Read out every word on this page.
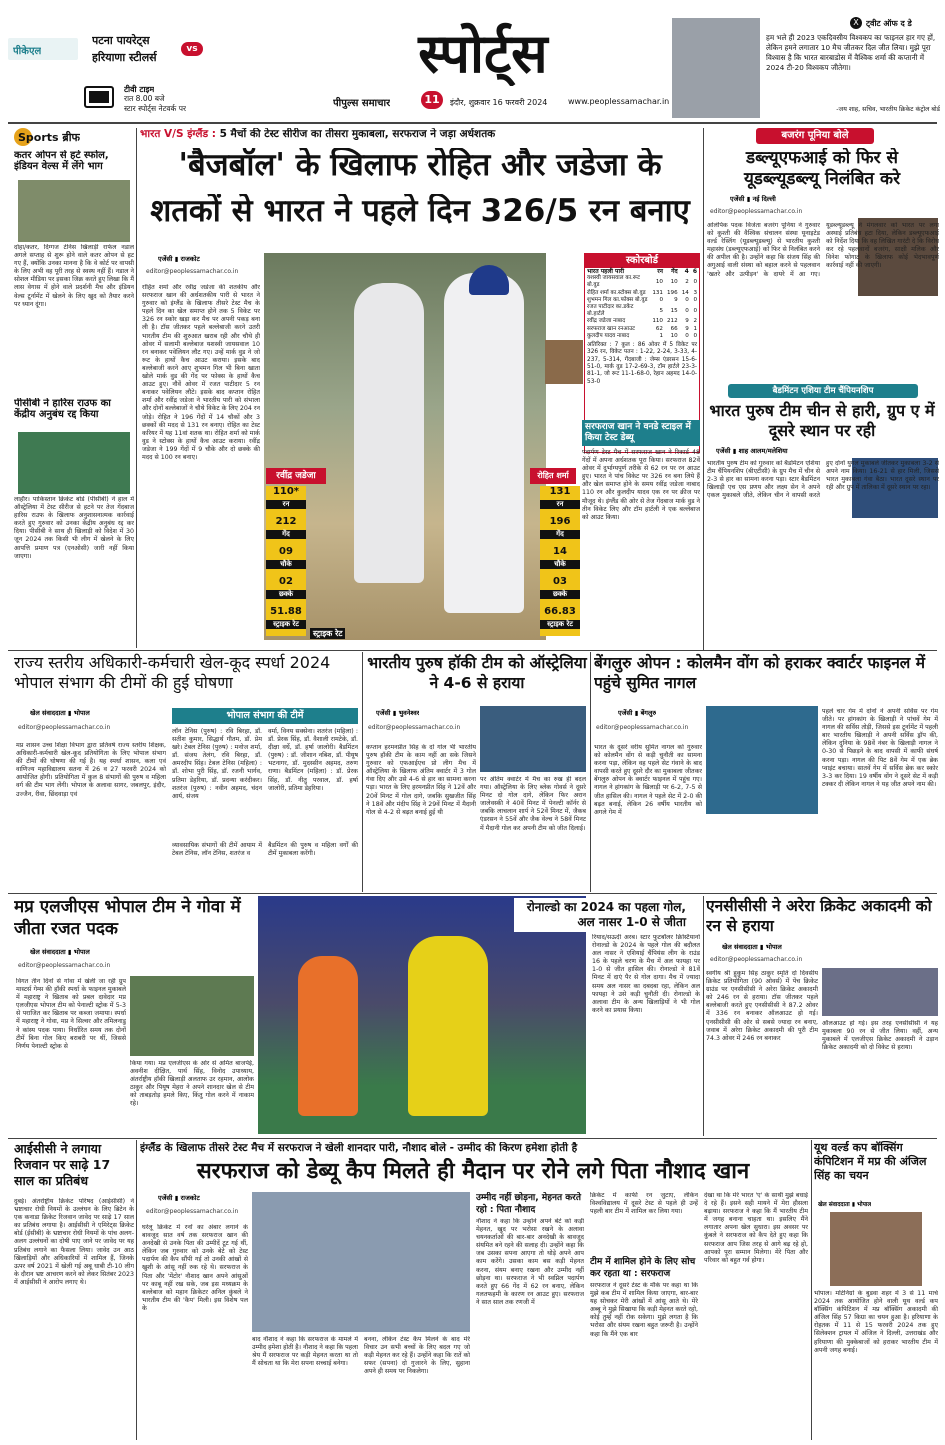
पीकेएल
पटना पायरेट्स
हरियाणा स्टीलर्स
vs
टीवी टाइम
रात 8.00 बजे
स्टार स्पोर्ट्स नेटवर्क पर
स्पोर्ट्स
पीपुल्स समाचार	11	इंदौर, शुक्रवार 16 फरवरी 2024	www.peoplessamachar.in
X ट्वीट ऑफ द डे
हम भले ही 2023 एकदिवसीय विश्वकप का फाइनल हार गए हों, लेकिन हमने लगातार 10 मैच जीतकर दिल जीत लिया। मुझे पूरा विश्वास है कि भारत बारबाडोस में वैश्विक शर्मा की कप्तानी में 2024 टी-20 विश्वकप जीतेगा।
-जय शाह, सचिव, भारतीय क्रिकेट कंट्रोल बोर्ड
Sports ब्रीफ
कतर ओपन से हटे स्फोल, इंडियन वेल्स में लेंगे भाग
दोहा/कतर, दिग्गज टेनिस खिलाड़ी राफेल नडाल अगले सप्ताह से शुरू होने वाले कतर ओपन से हट गए हैं, क्योंकि उनका मानना है कि वे कोर्ट पर वापसी के लिए अभी वह पूरी तरह से स्वस्थ नहीं हैं। नडाल ने सोशल मीडिया पर इसका जिक्र करते हुए लिखा कि मैं लास वेगास में होने वाले प्रदर्शनी मैच और इंडियन वेल्स टूर्नामेंट में खेलने के लिए खुद को तैयार करने पर ध्यान दूंगा।
पीसीबी ने हारिस राउफ का केंद्रीय अनुबंध रद्द किया
लाहौर। पाकिस्तान क्रिकेट बोर्ड (पीसीबी) ने हाल में ऑस्ट्रेलिया में टेस्ट सीरीज से हटने पर तेज गेंदबाज हारिस राउफ के खिलाफ अनुशासनात्मक कार्रवाई करते हुए गुरुवार को उनका केंद्रीय अनुबंध रद्द कर दिया। पीसीबी ने साथ ही खिलाड़ी को विदेश में 30 जून 2024 तक किसी भी लीग में खेलने के लिए आपत्ति प्रमाण पत्र (एनओसी) जारी नहीं किया जाएगा।
भारत V/S इंग्लैंड : 5 मैचों की टेस्ट सीरीज का तीसरा मुकाबला, सरफराज ने जड़ा अर्धशतक
'बैजबॉल' के खिलाफ रोहित और जडेजा के
शतकों से भारत ने पहले दिन 326/5 रन बनाए
एजेंसी ▮ राजकोट
editor@peoplessamachar.co.in
रोहित शर्मा और रवींद्र जडेजा की शतकीय और सरफराज खान की अर्धशतकीय पारी से भारत ने गुरुवार को इंग्लैंड के खिलाफ तीसरे टेस्ट मैच के पहले दिन का खेल समाप्त होने तक 5 विकेट पर 326 रन स्कोर खड़ा कर मैच पर अपनी पकड़ बना ली है। टॉस जीतकर पहले बल्लेबाजी करने उतरी भारतीय टीम की शुरुआत खराब रही और चौथे ही ओवर में सलामी बल्लेबाज यशस्वी जायसवाल 10 रन बनाकर पवेलियन लौट गए। उन्हें मार्क वुड ने जो रूट के हाथों कैच आउट कराया। इसके बाद बल्लेबाजी करने आए शुभमन गिल भी बिना खाता खोले मार्क वुड की गेंद पर फोक्स के हाथों कैच आउट हुए। नौवें ओवर में रजत पाटीदार 5 रन बनाकर पवेलियन लौटे। इसके बाद कप्तान रोहित शर्मा और रवींद्र जडेजा ने भारतीय पारी को संभाला और दोनों बल्लेबाजों ने चौथे विकेट के लिए 204 रन जोड़े। रोहित ने 196 गेंदों में 14 चौकों और 3 छक्कों की मदद से 131 रन बनाए। रोहित का टेस्ट करियर में यह 11वां शतक था। रोहित शर्मा को मार्क वुड ने स्टोक्स के हाथों कैच आउट कराया। रवींद्र जडेजा ने 199 गेंदों में 9 चौके और दो छक्के की मदद से 100 रन बनाए।
रवींद्र जडेजा	रोहित शर्मा
110*
रन
212
गेंद
09
चौके
02
छक्के
51.88
स्ट्राइक रेट
131
रन
196
गेंद
14
चौके
03
छक्के
66.83
स्ट्राइक रेट
स्ट्राइक रेट
स्कोरबोर्ड
भारत पहली पारी	रन	गेंद	4	6
यशस्वी जायसवाल का.रूट बो.वुड	10	10	2	0
रोहित शर्मा का.स्टोक्स बो.वुड	131	196	14	3
शुभमन गिल का.फोक्स बो.वुड	0	9	0	0
रजत पाटीदार का.डकेट बो.हार्टले	5	15	0	0
रवींद्र जडेजा नाबाद	110	212	9	2
सरफराज खान रनआउट	62	66	9	1
कुलदीप यादव नाबाद	1	10	0	0
अतिरिक्त : 7 कुल : 86 ओवर में 5 विकेट पर 326 रन, विकेट पतन : 1-22, 2-24, 3-33, 4-237, 5-314, गेंदबाजी : जेम्स एंडरसन 15-6-51-0, मार्क वुड 17-2-69-3, टॉम हार्टले 23-3-81-1, जो रूट 11-1-68-0, रेहान अहमद 14-0-53-0
सरफराज खान ने वनडे स्टाइल में किया टेस्ट डेब्यू
पदार्पण टेस्ट मैच में सरफराज खान ने रिकार्ड 48 गेंदों में अपना अर्धशतक पूरा किया। सरफराज 82वें ओवर में दुर्भाग्यपूर्ण तरीके से 62 रन पर रन आउट हुए। भारत ने पांच विकेट पर 326 रन बना लिये हैं और खेल समाप्त होने के समय रवींद्र जडेजा नाबाद 110 रन और कुलदीप यादव एक रन पर क्रीज पर मौजूद थे। इंग्लैंड की ओर से तेज गेंदबाज मार्क वुड ने तीन विकेट लिए और टॉम हार्टली ने एक बल्लेबाज को आउट किया।
बजरंग पूनिया बोले
डब्ल्यूएफआई को फिर से यूडब्ल्यूडब्ल्यू निलंबित करे
एजेंसी ▮ नई दिल्ली
editor@peoplessamachar.co.in
ओलंपिक पदक विजेता बजरंग पूनिया ने गुरुवार को कुश्ती की वैश्विक संचालन संस्था यूनाइटेड वर्ल्ड रेस्लिंग (यूडब्ल्यूडब्ल्यू) से भारतीय कुश्ती महासंघ (डब्ल्यूएफआई) को फिर से निलंबित करने की अपील की है। उन्होंने कहा कि संजय सिंह की अगुआई वाली संस्था को बहाल करने से पहलवान 'खतरे और उत्पीड़न' के दायरे में आ गए। यूडब्ल्यूडब्ल्यू ने मंगलवार को भारत पर लगा अस्थाई प्रतिबंध हटा दिया, लेकिन डब्ल्यूएफआई को निर्देश दिया कि वह लिखित गारंटी दे कि विरोध कर रहे पहलवानों बजरंग, साक्षी मलिक और विनेश फोगाट के खिलाफ कोई भेदभावपूर्ण कार्रवाई नहीं की जाएगी।
बैडमिंटन एशिया टीम चैंपियनशिप
भारत पुरुष टीम चीन से हारी, ग्रुप ए में दूसरे स्थान पर रही
एजेंसी ▮ शाह आलम/मलेशिया
भारतीय पुरुष टीम को गुरुवार को बैडमिंटन एशिया टीम चैंपियनशिप (बीएटीसी) के ग्रुप मैच में चीन से 2-3 से हार का सामना करना पड़ा। स्टार बैडमिंटन खिलाड़ी एच एस प्रणय और लक्ष्य सेन ने अपने एकल मुकाबले जीते, लेकिन चीन ने वापसी करते हुए दोनों युगल मुकाबले जीतकर मुकाबला 3-2 से अपने नाम किया। 16-21 से हार मिली, जिससे भारत मुकाबला गंवा बैठा। भारत दूसरे स्थान पर रही और ग्रुप में तालिका में दूसरे स्थान पर रहा।
राज्य स्तरीय अधिकारी-कर्मचारी खेल-कूद स्पर्धा 2024 भोपाल संभाग की टीमों की हुई घोषणा
खेल संवाददाता ▮ भोपाल
editor@peoplessamachar.co.in
मप्र शासन उच्च शिक्षा विभाग द्वारा प्रतिवर्ष राज्य स्तरीय शिक्षक, अधिकारी-कर्मचारी खेल-कूद प्रतियोगिता के लिए भोपाल संभाग की टीमों की घोषणा की गई है। यह स्पर्धा शासन, कला एवं वाणिज्य महाविद्यालय सतना में 26 व 27 फरवरी 2024 को आयोजित होगी। प्रतियोगिता में कुल 8 संभागों की पुरुष व महिला वर्ग की टीम भाग लेंगी। भोपाल के अलावा सागर, जबलपुर, इंदौर, उज्जैन, रीवा, छिंदवाड़ा एवं
भोपाल संभाग की टीमें
लॉन टेनिस (पुरुष) : रवि बिरहा, डॉ. सतीश कुमार, सिद्धार्थ गौतम, डॉ. प्रेम खरे। टेबल टेनिस (पुरुष) : मनोज शर्मा, डॉ. संजय तेलंग, रवि बिरहा, डॉ. अमरदीप सिंह। टेबल टेनिस (महिला) : डॉ. शोभा पुरी सिंह, डॉ. रजनी भार्गव, प्रतिमा डेहरिया, डॉ. प्रदन्या करंदीकर। शतरंज (पुरुष) : नवीन अहमद, चंदन आर्य, संजय
वर्मा, विनय सक्सेना। शतरंज (महिला) : डॉ. प्रेरक सिंह, डॉ. वैशाली रामटेके, डॉ. दीक्षा वर्धे, डॉ. हर्षा जालोरी। बैडमिंटन (पुरुष) : डॉ. जीशान नबिश, डॉ. पीयूष भटनागर, डॉ. मुदस्सीन अहमद, तरुण राणा। बैडमिंटन (महिला) : डॉ. प्रेरक सिंह, डॉ. नीतु परवाल, डॉ. हर्षा जालोरी, प्रतिमा डेहरिया।
व्यावसायिक संभागों की टीमें आयाम में टेबल टेनिस, लॉन टेनिस, शतरंज व
बैडमिंटन की पुरुष व महिला वर्गों की टीमें मुकाबला करेंगी।
भारतीय पुरुष हॉकी टीम को ऑस्ट्रेलिया ने 4-6 से हराया
एजेंसी ▮ भुवनेश्वर
editor@peoplessamachar.co.in
कप्तान हरमनप्रीत सिंह के दो गोल भी भारतीय पुरुष हॉकी टीम के काम नहीं आ सके जिसने गुरुवार को एफआईएच प्रो लीग मैच में ऑस्ट्रेलिया के खिलाफ अंतिम क्वार्टर में 3 गोल गंवा दिए और उसे 4-6 से हार का सामना करना पड़ा। भारत के लिए हरमनप्रीत सिंह ने 12वें और 20वें मिनट में गोल दागे, जबकि सुखजीत सिंह ने 18वें और मंदीप सिंह ने 29वें मिनट में मैदानी गोल से 4-2 से बढ़त बनाई हुई थी
पर अंतिम क्वार्टर में मैच का रुख ही बदल गया। ऑस्ट्रेलिया के लिए ब्लेक गोवर्स ने दूसरे मिनट दो गोल दागे, लेकिन फिर अरान जालेवस्की ने 40वें मिनट में पेनल्टी कॉर्नर से जबकि लाचलान शार्प ने 52वें मिनट में, जैकब एंडरसन ने 55वें और जैक वेल्च ने 58वें मिनट में मैदानी गोल कर अपनी टीम को जीत दिलाई।
बेंगलुरु ओपन : कोलमैन वोंग को हराकर क्वार्टर फाइनल में पहुंचे सुमित नागल
एजेंसी ▮ बेंगलुरु
editor@peoplessamachar.co.in
भारत के दूसरे वरीय सुमित नागल को गुरुवार को कोलमैन वोंग से कड़ी चुनौती का सामना करना पड़ा, लेकिन वह पहले सेट गंवाने के बाद वापसी करते हुए दूसरे दौर का मुकाबला जीतकर बेंगलुरु ओपन के क्वार्टर फाइनल में पहुंच गए। नागल ने हांगकांग के खिलाड़ी पर 6-2, 7-5 से जीत हासिल की। नागल ने पहले सेट में 2-0 की बढ़त बनाई, लेकिन 26 वर्षीय भारतीय को अगले गेम में
पहले चार गेम में दोनों ने अपनी सर्विस पर गेम जीते। पर हांगकांग के खिलाड़ी ने पांचवें गेम में नागल की सर्विस तोड़ी, जिससे इस टूर्नामेंट में पहली बार भारतीय खिलाड़ी ने अपनी सर्विस ड्रॉप की, लेकिन दुनिया के 98वें नंबर के खिलाड़ी नागल ने 0-30 से पिछड़ने के बाद वापसी में काफी संघर्ष करना पड़ा। नागल की पिट 8वें गेम में एक ब्रेक प्वाइंट बचाया। सातवें गेम में सर्विस ब्रेक कर स्कोर 3-3 कर दिया। 19 वर्षीय वोंग ने दूसरे सेट में कड़ी टक्कर दी लेकिन नागल ने यह जीत अपने नाम की।
मप्र एलजीएस भोपाल टीम ने गोवा में जीता रजत पदक
खेल संवाददाता ▮ भोपाल
editor@peoplessamachar.co.in
विगत तीन दिनों से गोवा में खेली जा रही ग्रुप मास्टर्स गेम्स की हॉकी स्पर्धा के फाइनल मुकाबले में महाराष्ट्र ने खिताब को प्रबल दावेदार मप्र एलजीएस भोपाल टीम को पेनाल्टी स्ट्रोक में 5-3 से पराजित कर खिताब पर कब्जा जमाया। स्पर्धा में महाराष्ट्र ने गोवा, मप्र ने सिल्वर और तमिलनाडु ने कांस्य पदक पाया। निर्धारित समय तक दोनों टीमें बिना गोल किए बराबरी पर थीं, जिससे निर्णय पेनाल्टी स्ट्रोक से
किया गया। मप्र एलजीएस के ओर से अमित बाजपेई, अवनीश दीक्षित, पार्थ सिंह, विनोद उपाध्याय, अंतर्राष्ट्रीय हॉकी खिलाड़ी अलताफ उर रहमान, आलोक ठाकुर और पियूष मेहरा ने अपने शानदार खेल से टीम को ताबड़तोड़ हमले किए, किंतु गोल करने में नाकाम रहे।
रोनाल्डो का 2024 का पहला गोल, अल नासर 1-0 से जीता
रियाद/सऊदी अरब। स्टार फुटबॉलर क्रिस्टियानो रोनाल्डो के 2024 के पहले गोल की बदौलत अल नासर ने एशियाई चैंपियंस लीग के राउंड 16 के पहले चरण के मैच में अल फायहा पर 1-0 से जीत हासिल की। रोनाल्डो ने 81वें मिनट में दाएं पैर से गोल दागा। मैच में ज्यादा समय अल नासर का दबदबा रहा, लेकिन अल फायहा ने उसे कड़ी चुनौती दी। रोनाल्डो के अलावा टीम के अन्य खिलाड़ियों ने भी गोल करने का प्रयास किया।
एनसीसीसी ने अरेरा क्रिकेट अकादमी को रन से हराया
खेल संवाददाता ▮ भोपाल
editor@peoplessamachar.co.in
स्वर्गीय श्री हुकुम सिंह ठाकुर स्मृति दो दिवसीय क्रिकेट प्रतियोगिता (90 ओवर्स) में पेंच क्रिकेट ग्राउंड पर एनसीसीसी ने अरेरा क्रिकेट अकादमी को 246 रन से हराया। टॉस जीतकर पहले बल्लेबाजी करते हुए एनसीसीसी ने 87.2 ओवर में 336 रन बनाकर ऑलआउट हो गई। एनसीसीसी की ओर से सबसे ज्यादा रन बनाए, जवाब में अरेरा क्रिकेट अकादमी की पूरी टीम 74.3 ओवर में 246 रन बनाकर
ऑलआउट हो गई। इस तरह एनसीसीसी ने यह मुकाबला 90 रन से जीत लिया। वहीं, अन्य मुकाबले में एलजीएस क्रिकेट अकादमी ने उड़ान क्रिकेट अकादमी को दो विकेट से हराया।
आईसीसी ने लगाया रिजवान पर साढ़े 17 साल का प्रतिबंध
दुबई। अंतर्राष्ट्रीय क्रिकेट परिषद (आईसीसी) ने भ्रष्टाचार रोधी नियमों के उल्लंघन के लिए ब्रिटेन के एक कनाडा क्रिकेट रिजवान जावेद पर साढ़े 17 साल का प्रतिबंध लगाया है। आईसीसी ने एमिरेट्स क्रिकेट बोर्ड (ईसीबी) के भ्रष्टाचार रोधी नियमों के पांच अलग-अलग उल्लंघनों का दोषी पाए जाने पर जावेद पर यह प्रतिबंध लगाने का फैसला लिया। जावेद उन आठ खिलाड़ियों और अधिकारियों में शामिल हैं, जिनके ऊपर वर्ष 2021 में खेली गई अबू धाबी टी-10 लीग के दौरान भ्रष्ट आचरण करने को लेकर सितंबर 2023 में आईसीसी ने आरोप लगाए थे।
इंग्लैंड के खिलाफ तीसरे टेस्ट मैच में सरफराज ने खेली शानदार पारी, नौशाद बोले - उम्मीद की किरण हमेशा होती है
सरफराज को डेब्यू कैप मिलते ही मैदान पर रोने लगे पिता नौशाद खान
एजेंसी ▮ राजकोट
editor@peoplessamachar.co.in
घरेलू क्रिकेट में रनों का अंबार लगाने के बावजूद सात वर्ष तक सरफराज खान की अनदेखी से उनके पिता की उम्मीदें टूट गई थीं, लेकिन जब गुरुवार को उनके बेटे को टेस्ट पदार्पण की कैप सौंपी गई तो उनकी आंखों से खुशी के आंसू नहीं रुक रहे थे। सरफराज के पिता और 'मेंटोर' नौशाद खान अपने आंसुओं पर काबू नहीं रख सके, जब इस मध्यक्रम के बल्लेबाज को महान क्रिकेटर अनिल कुंबले ने भारतीय टीम की 'कैप' मिली। इस विशेष पल के
बाद नौशाद ने कहा कि सरफराज के मामले में उम्मीद हमेशा होती है। नौशाद ने कहा कि पहला श्रेय मैं सरफराज पर कड़ी मेहनत करता था तो मैं सोचता था कि मेरा सपना सच्चाई बनेगा।
बनना, लेकिन टेस्ट कैप मिलने के बाद मेरे विचार उन सभी बच्चों के लिए बदल गए जो कड़ी मेहनत कर रहे हैं। उन्होंने कहा कि रातें को सफर (सपना) दो गुजारने के लिए, सुहाना अपने ही समय पर निकलेगा।
उम्मीद नहीं छोड़ना, मेहनत करते रहो : पिता नौशाद
नौशाद ने कहा कि उन्होंने अपने बेटे को कड़ी मेहनत, खुद पर भरोसा रखने के अलावा चयनकर्ताओं की बार-बार अनदेखी के बावजूद संयमित बने रहने की सलाह दी। उन्होंने कहा कि जब उसका सपना आएगा तो थोड़े अपने आप काम करेंगे। उसका काम बस कड़ी मेहनत करना, संयम बनाए रखना और उम्मीद नहीं छोड़ना था। सरफराज ने भी स्वप्निल पदार्पण करते हुए 66 गेंद में 62 रन बनाए, लेकिन गलतफहमी के कारण रन आउट हुए। सरफराज ने सात साल तक रणजी में
क्रिकेट में काफी रन जुटाए, लेकिन विश्वविद्यालय में दूसरे टेस्ट से पहले ही उन्हें पहली बार टीम में शामिल कर लिया गया।
टीम में शामिल होने के लिए सोच कर रहता था : सरफराज
सरफराज ने दूसरे टेस्ट के मौके पर कहा था कि मुझे कब टीम में शामिल किया जाएगा, बार-बार यह सोचकर मेरी आंखों में आंसू आते थे। मेरे अब्बू ने मुझे सिखाया कि कड़ी मेहनत करते रहो, कोई तुम्हें नहीं रोक सकेगा। मुझे लगता है कि भरोसा और संयम रखना बहुत जरूरी है। उन्होंने कहा कि मैंने एक बार
देखा था कि मेरे भारत 'ए' के साथी मुझे बधाई दे रहे हैं। इसने सही मायने में मेरा हौसला बढ़ाया। सरफराज ने कहा कि मैं भारतीय टीम में जगह बनाना चाहता था। इसलिए मैंने लगातार अपना खेल सुधारा। इस अवसर पर कुंबले ने सरफराज को कैप देते हुए कहा कि सरफराज आप जिस तरह से आगे बढ़ रहे हो, आपको पूरा सम्मान मिलेगा। मेरे पिता और परिवार को बहुत गर्व होगा।
यूथ वर्ल्ड कप बॉक्सिंग कंपिटिशन में मप्र की अंजिल सिंह का चयन
खेल संवाददाता ▮ भोपाल
भोपाल। मोंटेनिग्रो के बुडवा शहर में 3 से 11 मार्च 2024 तक आयोजित होने वाली यूथ वर्ल्ड कप बॉक्सिंग कंपिटिशन में मप्र बॉक्सिंग अकादमी की अंजिल सिंह 57 किग्रा का चयन हुआ है। हरियाणा के रोहतक में 11 से 15 फरवरी 2024 तक हुए सिलेक्शन ट्रायल में अंजिल ने दिल्ली, उत्तराखंड और हरियाणा की मुक्केबाजों को हराकर भारतीय टीम में अपनी जगह बनाई।
